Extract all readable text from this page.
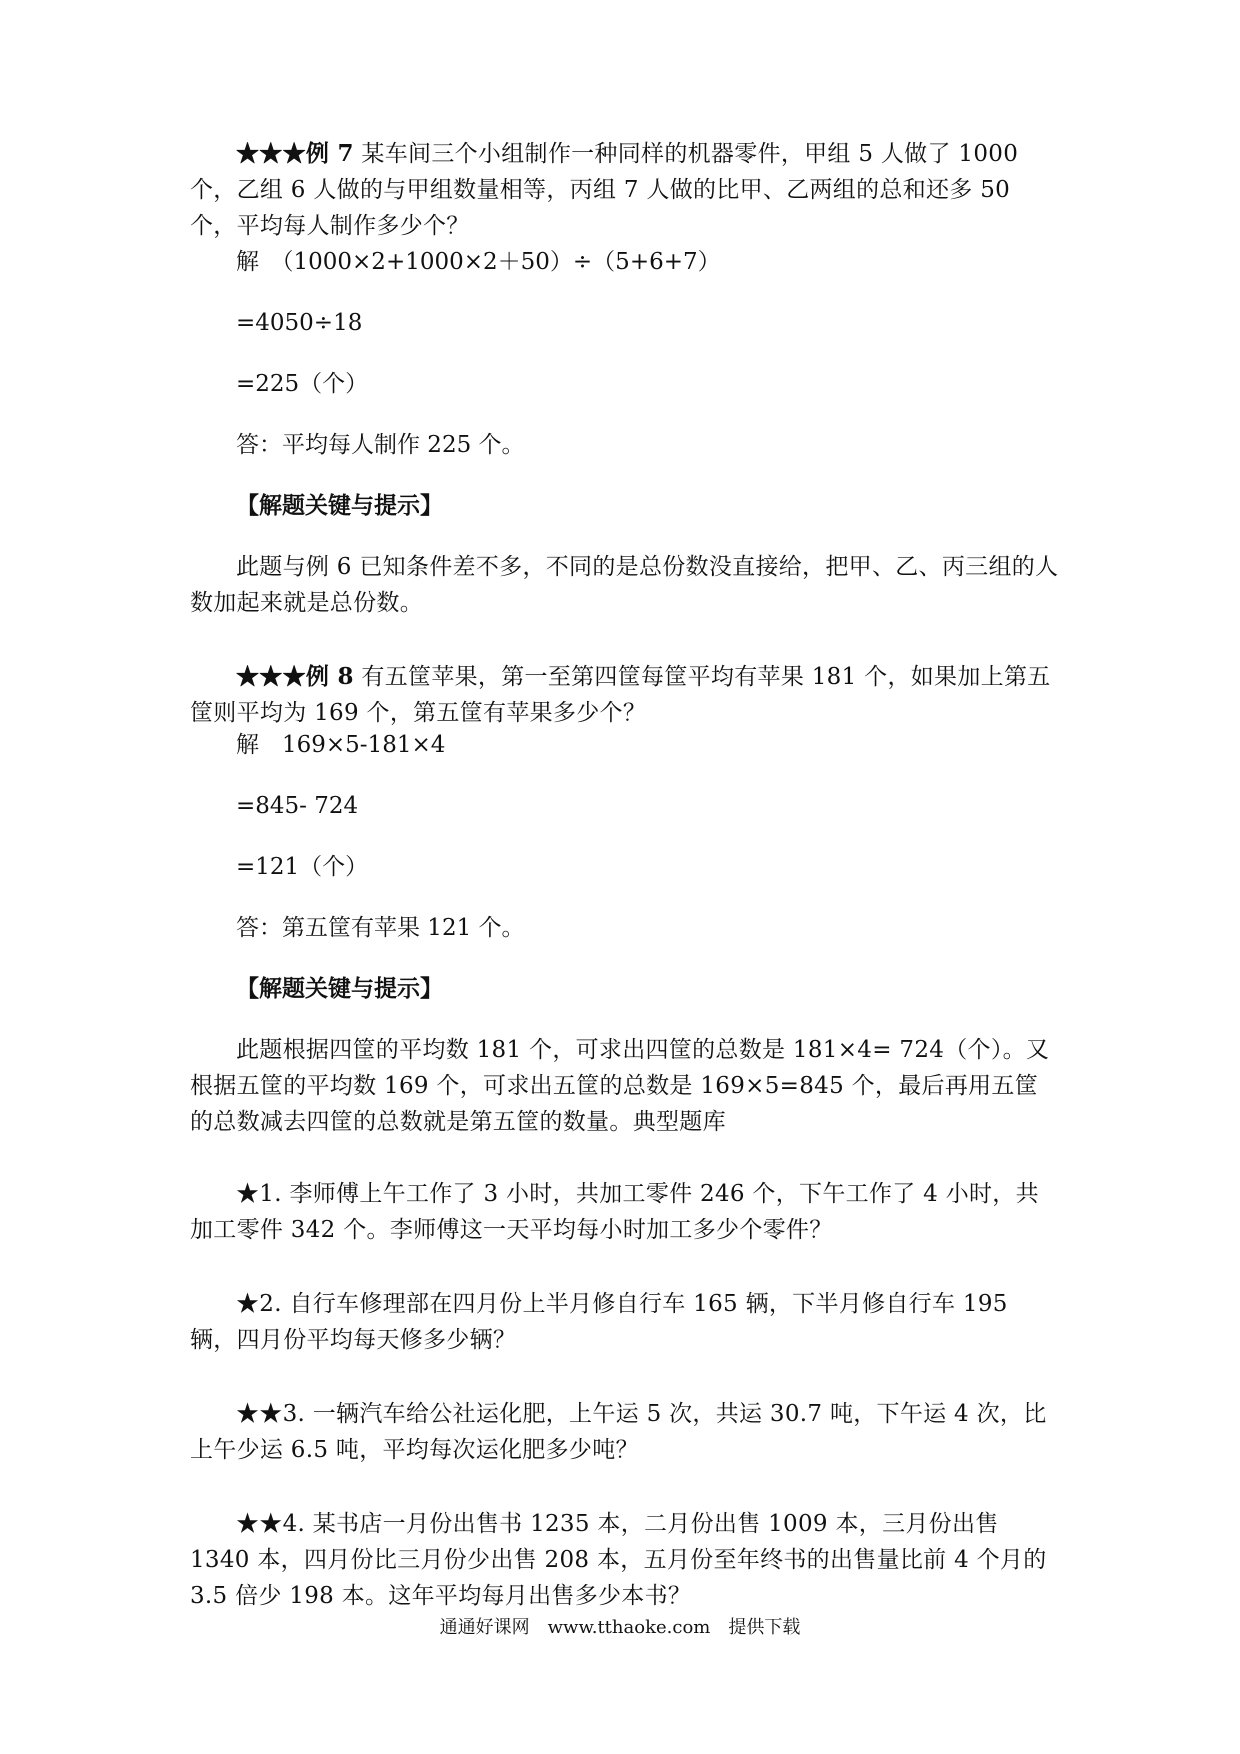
★★★例 7 某车间三个小组制作一种同样的机器零件，甲组 5 人做了 1000 个，乙组 6 人做的与甲组数量相等，丙组 7 人做的比甲、乙两组的总和还多 50 个，平均每人制作多少个？

解　（1000×2+1000×2＋50）÷（5+6+7）

=4050÷18

=225（个）

答：平均每人制作 225 个。

【解题关键与提示】

此题与例 6 已知条件差不多，不同的是总份数没直接给，把甲、乙、丙三组的人数加起来就是总份数。

★★★例 8 有五筐苹果，第一至第四筐每筐平均有苹果 181 个，如果加上第五筐则平均为 169 个，第五筐有苹果多少个？

解　169×5-181×4

=845- 724

=121（个）

答：第五筐有苹果 121 个。

【解题关键与提示】

此题根据四筐的平均数 181 个，可求出四筐的总数是 181×4= 724（个）。又根据五筐的平均数 169 个，可求出五筐的总数是 169×5=845 个，最后再用五筐的总数减去四筐的总数就是第五筐的数量。典型题库

★1. 李师傅上午工作了 3 小时，共加工零件 246 个，下午工作了 4 小时，共加工零件 342 个。李师傅这一天平均每小时加工多少个零件？

★2. 自行车修理部在四月份上半月修自行车 165 辆，下半月修自行车 195 辆，四月份平均每天修多少辆？

★★3. 一辆汽车给公社运化肥，上午运 5 次，共运 30.7 吨，下午运 4 次，比上午少运 6.5 吨，平均每次运化肥多少吨？

★★4. 某书店一月份出售书 1235 本，二月份出售 1009 本，三月份出售 1340 本，四月份比三月份少出售 208 本，五月份至年终书的出售量比前 4 个月的 3.5 倍少 198 本。这年平均每月出售多少本书？

通通好课网　www.tthaoke.com　提供下载
